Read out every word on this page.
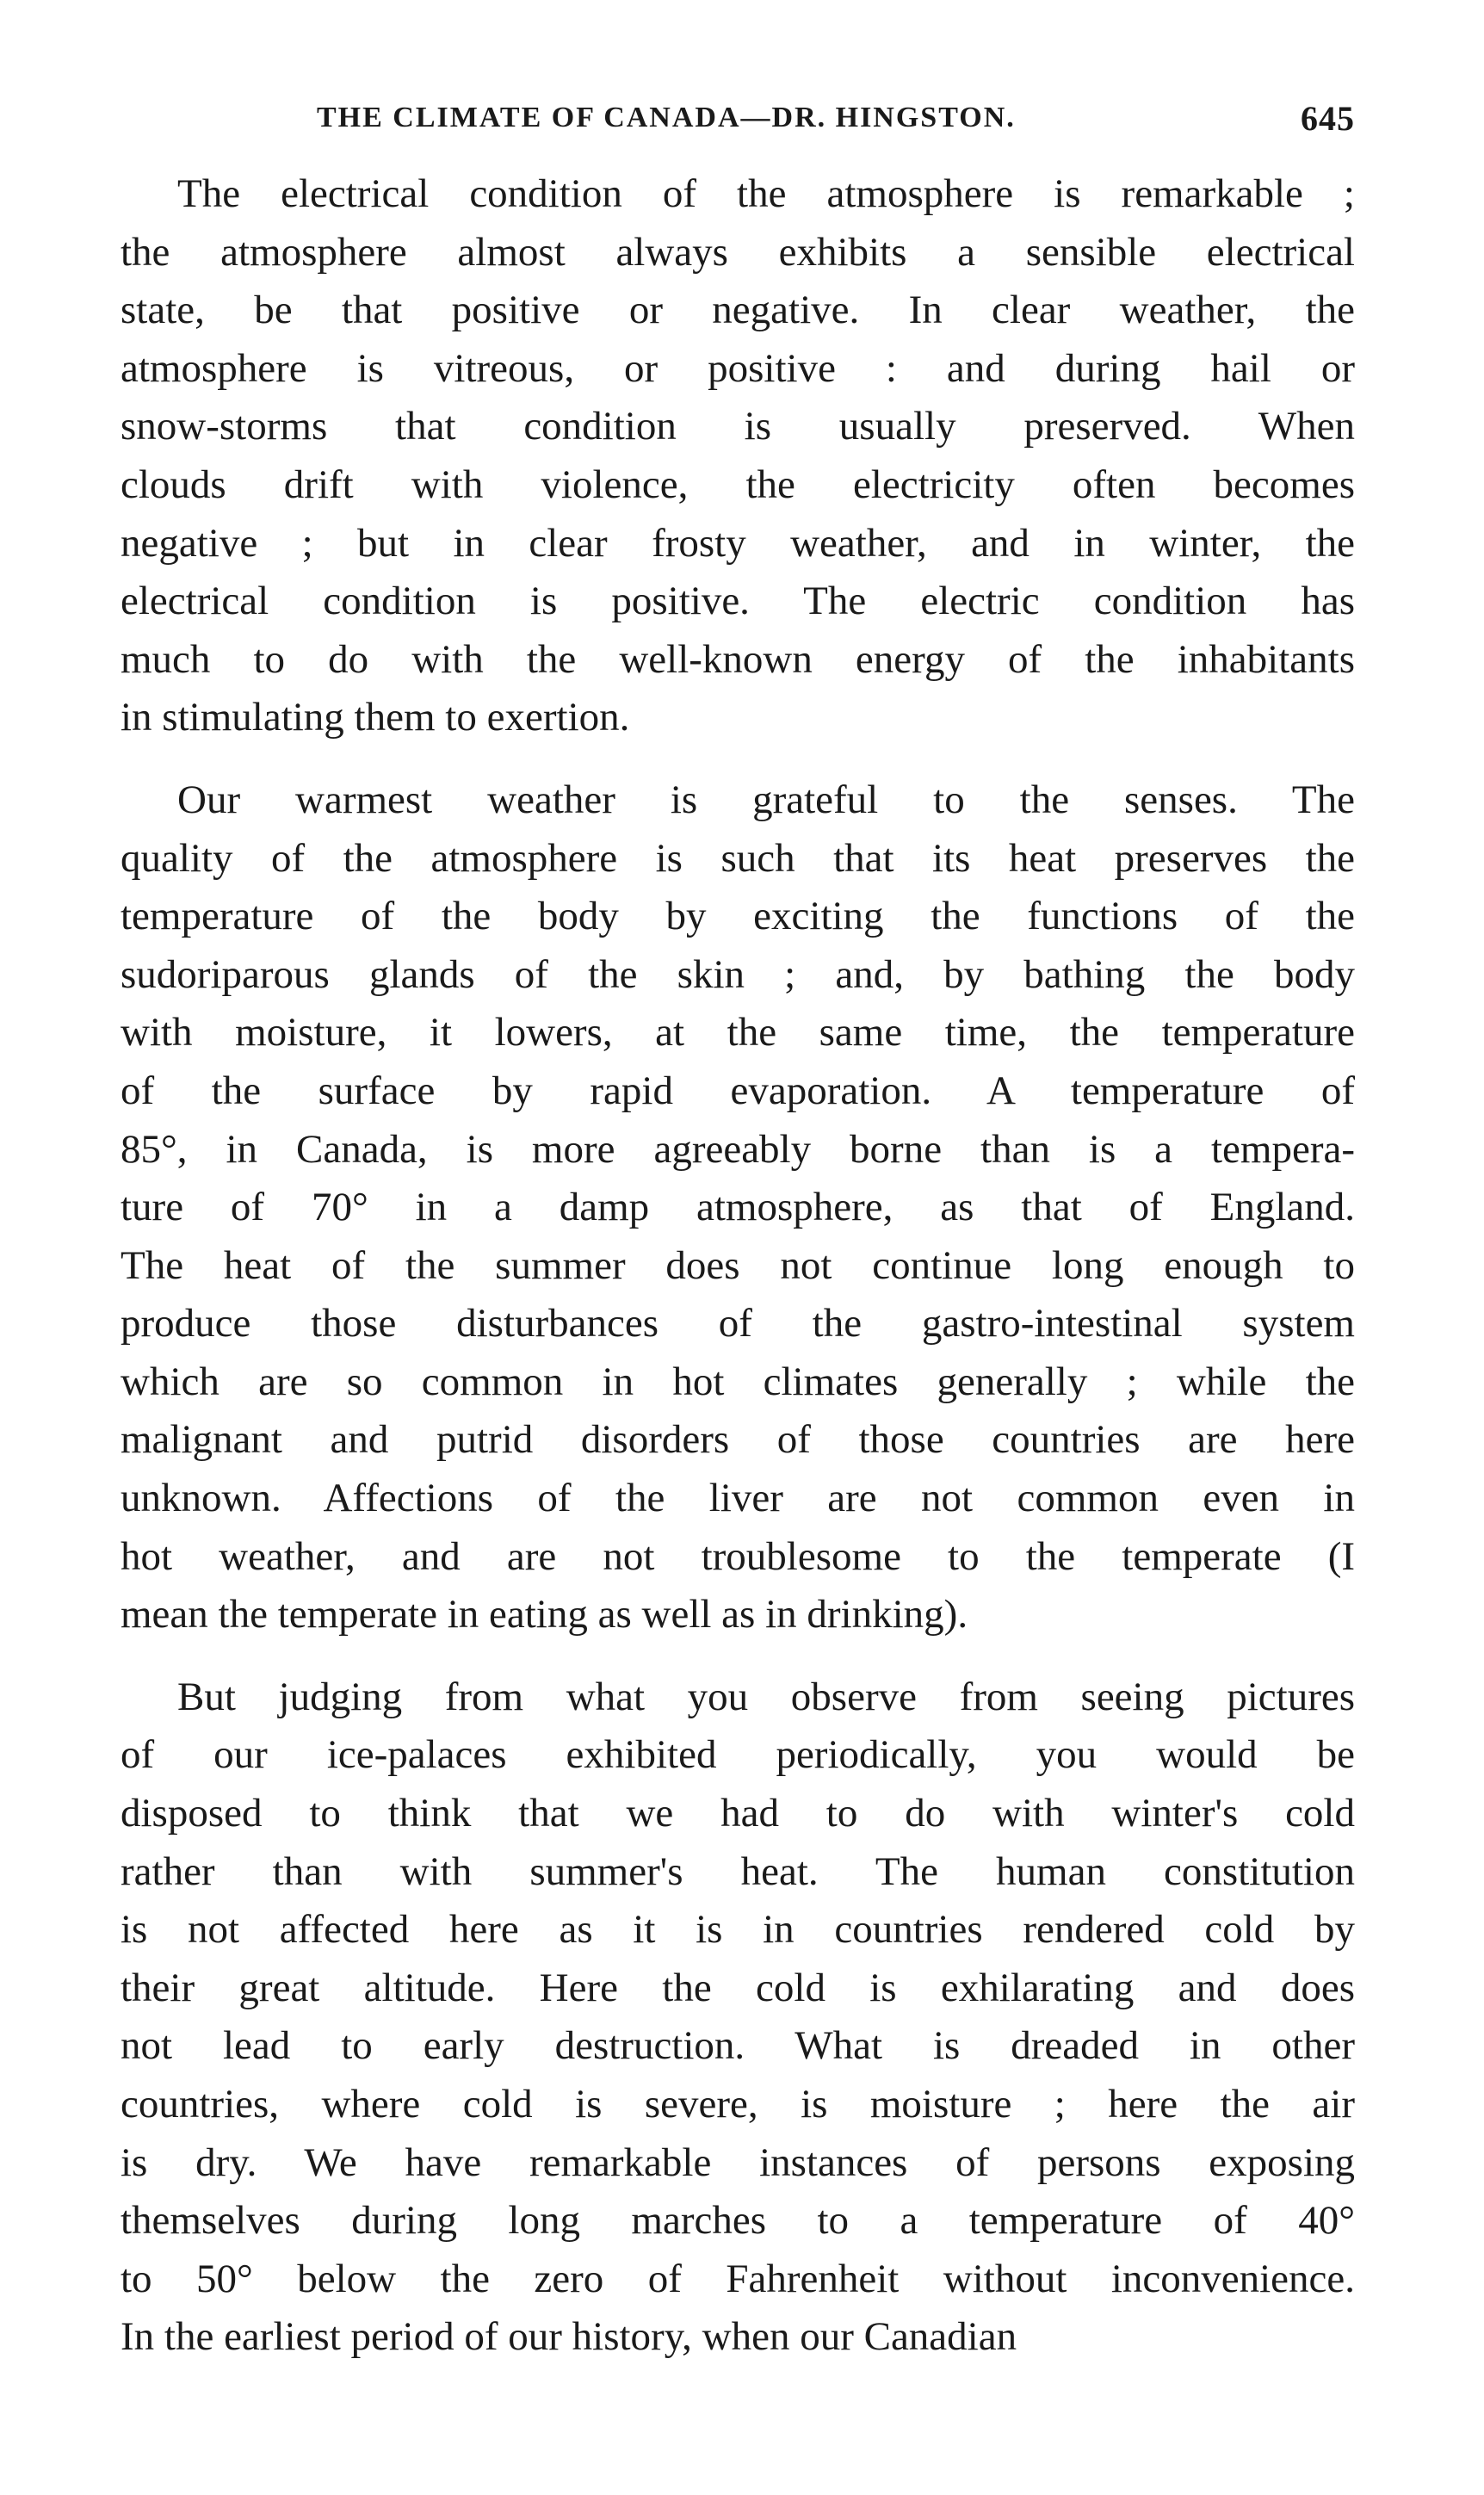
THE CLIMATE OF CANADA—DR. HINGSTON.	645
The electrical condition of the atmosphere is remarkable ;
the atmosphere almost always exhibits a sensible electrical
state, be that positive or negative. In clear weather, the
atmosphere is vitreous, or positive : and during hail or
snow-storms that condition is usually preserved. When
clouds drift with violence, the electricity often becomes
negative ; but in clear frosty weather, and in winter, the
electrical condition is positive. The electric condition has
much to do with the well-known energy of the inhabitants
in stimulating them to exertion.
Our warmest weather is grateful to the senses. The
quality of the atmosphere is such that its heat preserves the
temperature of the body by exciting the functions of the
sudoriparous glands of the skin ; and, by bathing the body
with moisture, it lowers, at the same time, the temperature
of the surface by rapid evaporation. A temperature of
85°, in Canada, is more agreeably borne than is a tempera-
ture of 70° in a damp atmosphere, as that of England.
The heat of the summer does not continue long enough to
produce those disturbances of the gastro-intestinal system
which are so common in hot climates generally ; while the
malignant and putrid disorders of those countries are here
unknown. Affections of the liver are not common even in
hot weather, and are not troublesome to the temperate (I
mean the temperate in eating as well as in drinking).
But judging from what you observe from seeing pictures
of our ice-palaces exhibited periodically, you would be
disposed to think that we had to do with winter's cold
rather than with summer's heat. The human constitution
is not affected here as it is in countries rendered cold by
their great altitude. Here the cold is exhilarating and does
not lead to early destruction. What is dreaded in other
countries, where cold is severe, is moisture ; here the air
is dry. We have remarkable instances of persons exposing
themselves during long marches to a temperature of 40°
to 50° below the zero of Fahrenheit without inconvenience.
In the earliest period of our history, when our Canadian
